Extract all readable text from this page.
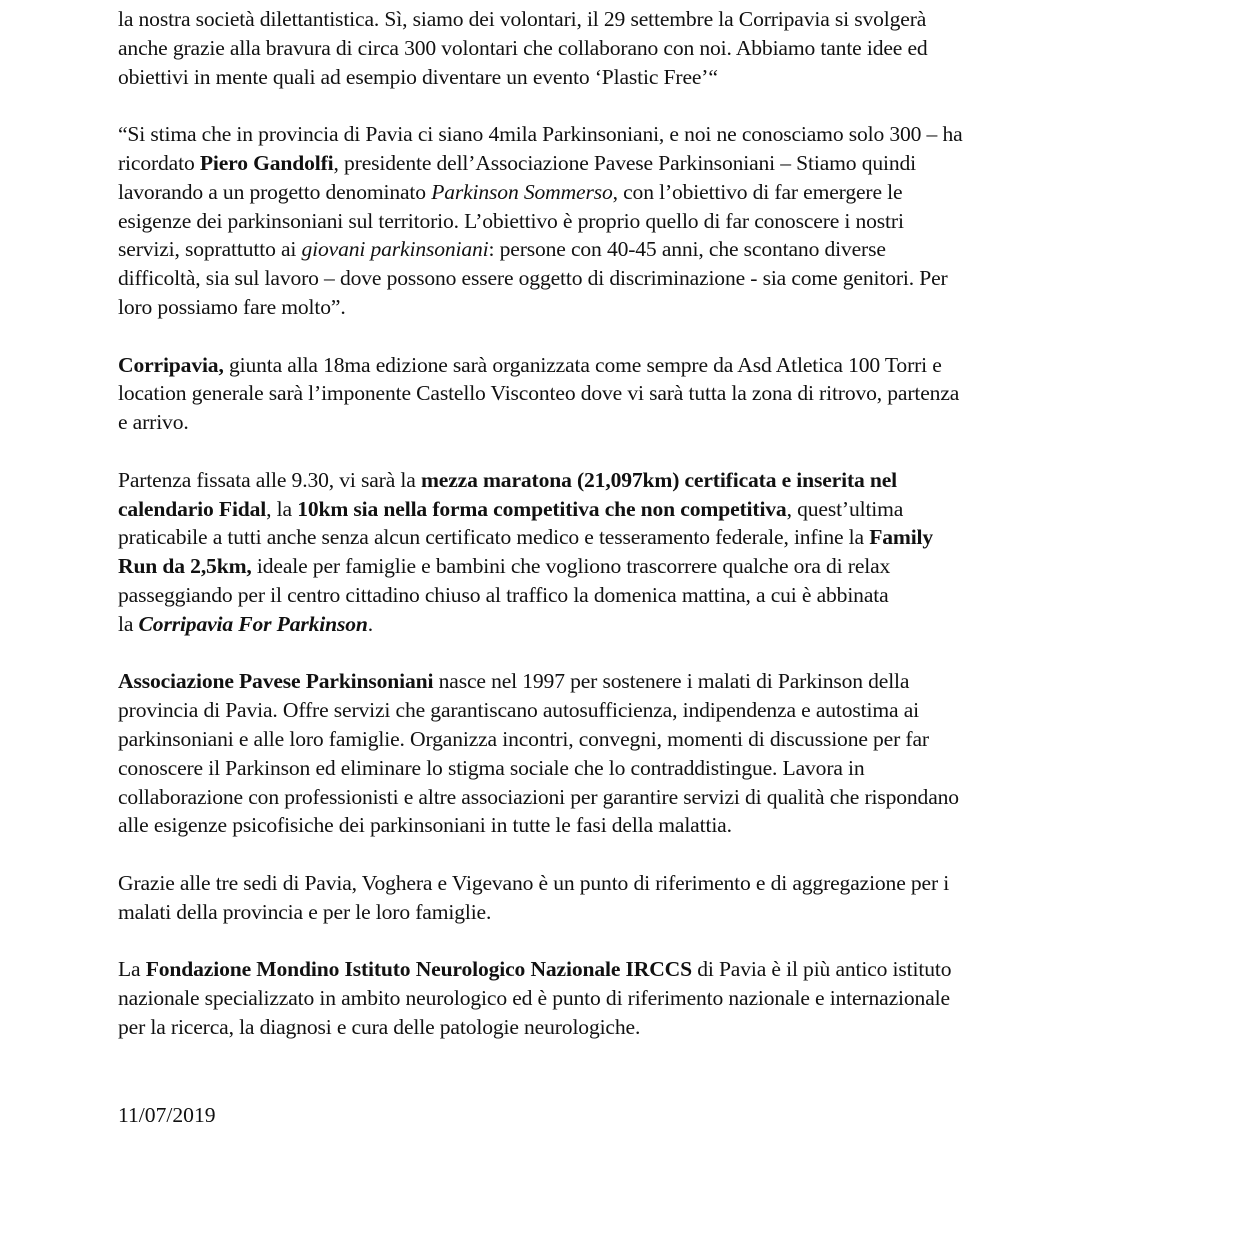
la nostra società dilettantistica. Sì, siamo dei volontari, il 29 settembre la Corripavia si svolgerà
anche grazie alla bravura di circa 300 volontari che collaborano con noi. Abbiamo tante idee ed
obiettivi in mente quali ad esempio diventare un evento ‘Plastic Free’“

“Si stima che in provincia di Pavia ci siano 4mila Parkinsoniani, e noi ne conosciamo solo 300 – ha
ricordato Piero Gandolfi, presidente dell’Associazione Pavese Parkinsoniani – Stiamo quindi
lavorando a un progetto denominato Parkinson Sommerso, con l’obiettivo di far emergere le
esigenze dei parkinsoniani sul territorio. L’obiettivo è proprio quello di far conoscere i nostri
servizi, soprattutto ai giovani parkinsoniani: persone con 40-45 anni, che scontano diverse
difficoltà, sia sul lavoro – dove possono essere oggetto di discriminazione - sia come genitori. Per
loro possiamo fare molto”.

Corripavia, giunta alla 18ma edizione sarà organizzata come sempre da Asd Atletica 100 Torri e
location generale sarà l’imponente Castello Visconteo dove vi sarà tutta la zona di ritrovo, partenza
e arrivo.

Partenza fissata alle 9.30, vi sarà la mezza maratona (21,097km) certificata e inserita nel
calendario Fidal, la 10km sia nella forma competitiva che non competitiva, quest’ultima
praticabile a tutti anche senza alcun certificato medico e tesseramento federale, infine la Family
Run da 2,5km, ideale per famiglie e bambini che vogliono trascorrere qualche ora di relax
passeggiando per il centro cittadino chiuso al traffico la domenica mattina, a cui è abbinata
la Corripavia For Parkinson.

Associazione Pavese Parkinsoniani nasce nel 1997 per sostenere i malati di Parkinson della
provincia di Pavia. Offre servizi che garantiscano autosufficienza, indipendenza e autostima ai
parkinsoniani e alle loro famiglie. Organizza incontri, convegni, momenti di discussione per far
conoscere il Parkinson ed eliminare lo stigma sociale che lo contraddistingue. Lavora in
collaborazione con professionisti e altre associazioni per garantire servizi di qualità che rispondano
alle esigenze psicofisiche dei parkinsoniani in tutte le fasi della malattia.

Grazie alle tre sedi di Pavia, Voghera e Vigevano è un punto di riferimento e di aggregazione per i
malati della provincia e per le loro famiglie.

La Fondazione Mondino Istituto Neurologico Nazionale IRCCS di Pavia è il più antico istituto
nazionale specializzato in ambito neurologico ed è punto di riferimento nazionale e internazionale
per la ricerca, la diagnosi e cura delle patologie neurologiche.

11/07/2019
